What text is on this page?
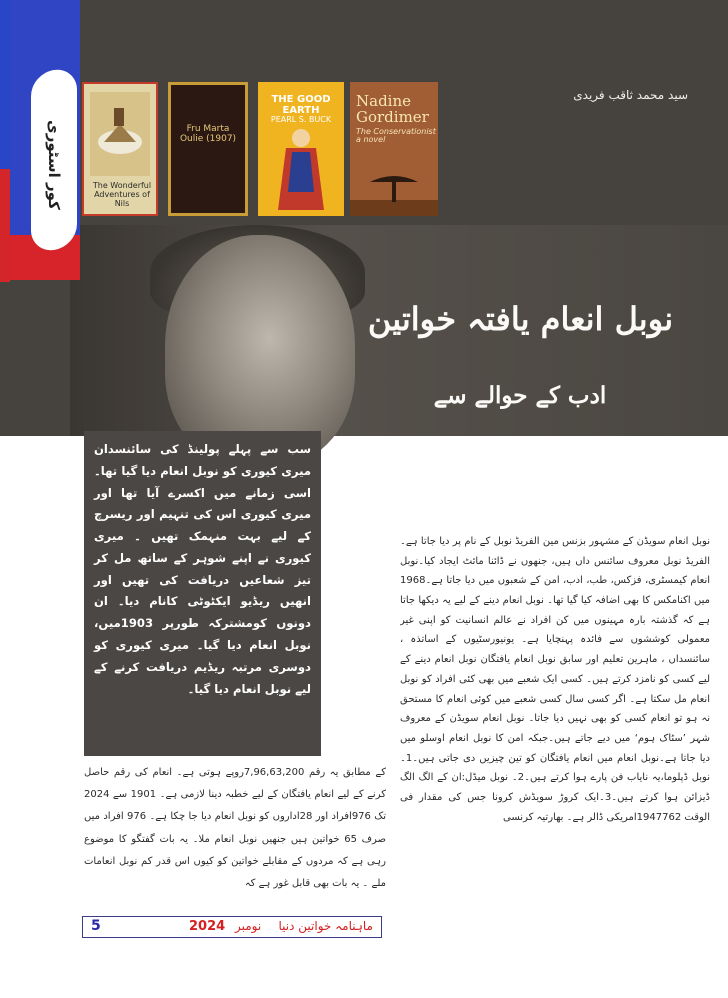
کور اسٹوری	The Wonderful Adventures of Nils
Fru Marta Oulie (1907)
THE GOOD EARTH
PEARL S. BUCK
Nadine Gordimer
The Conservationist
a novel
سید محمد ثاقب فریدی
نوبل انعام یافتہ خواتین
ادب کے حوالے سے

سب سے پہلے پولینڈ کی سائنسدان میری کیوری کو نوبل انعام دیا گیا تھا۔اسی زمانے میں اکسرے آیا تھا اور میری کیوری اس کی تنہیم اور ریسرچ کے لیے بہت منہمک تھیں ۔ میری کیوری نے اپنے شوہر کے ساتھ مل کر تیز شعاعیں دریافت کی تھیں اور انھیں ریڈیو ایکٹوٹی کانام دیا۔ ان دونوں کومشترکہ طورپر 1903میں، نوبل انعام دیا گیا۔ میری کیوری کو دوسری مرتبہ ریڈیم دریافت کرنے کے لیے نوبل انعام دیا گیا۔

نوبل انعام سویڈن کے مشہور بزنس مین الفریڈ نوبل کے نام پر دیا جاتا ہے۔الفریڈ نوبل معروف سائنس داں ہیں، جنھوں نے ڈائنا مائٹ ایجاد کیا۔نوبل انعام کیمسٹری، فزکس، طب، ادب، امن کے شعبوں میں دیا جاتا ہے۔1968 میں اکنامکس کا بھی اضافہ کیا گیا تھا۔ نوبل انعام دینے کے لیے یہ دیکھا جاتا ہے کہ گذشتہ بارہ مہینوں میں کن افراد نے عالم انسانیت کو اپنی غیر معمولی کوششوں سے فائدہ پہنچایا ہے۔ یونیورسٹیوں کے اساتذہ ، سائنسداں ، ماہرین تعلیم اور سابق نوبل انعام یافتگان نوبل انعام دینے کے لیے کسی کو نامزد کرتے ہیں۔ کسی ایک شعبے میں بھی کئی افراد کو نوبل انعام مل سکتا ہے۔ اگر کسی سال کسی شعبے میں کوئی انعام کا مستحق نہ ہو تو انعام کسی کو بھی نہیں دیا جاتا۔ نوبل انعام سویڈن کے معروف شہر ’سٹاک ہوم‘ میں دیے جاتے ہیں۔جبکہ امن کا نوبل انعام اوسلو میں دیا جاتا ہے۔نوبل انعام میں انعام یافتگان کو تین چیزیں دی جاتی ہیں۔1۔ نوبل ڈپلوما،یہ نایاب فن پارے ہوا کرتے ہیں۔2۔ نوبل میڈل:ان کے الگ الگ ڈیزائن ہوا کرتے ہیں۔3۔ایک کروڑ سویڈش کرونا جس کی مقدار فی الوقت 1947762امریکی ڈالر ہے۔ بھارتیہ کرنسی

کے مطابق یہ رقم 7,96,63,200روپے ہوتی ہے۔ انعام کی رقم حاصل کرنے کے لیے انعام یافتگان کے لیے خطبہ دینا لازمی ہے۔ 1901 سے 2024 تک 976افراد اور 28اداروں کو نوبل انعام دیا جا چکا ہے۔ 976 افراد میں صرف 65 خواتین ہیں جنھیں نوبل انعام ملا۔ یہ بات گفتگو کا موضوع رہی ہے کہ مردوں کے مقابلے خواتین کو کیوں اس قدر کم نوبل انعامات ملے ۔ یہ بات بھی قابل غور ہے کہ

5	2024 نومبر ماہنامہ خواتین دنیا
